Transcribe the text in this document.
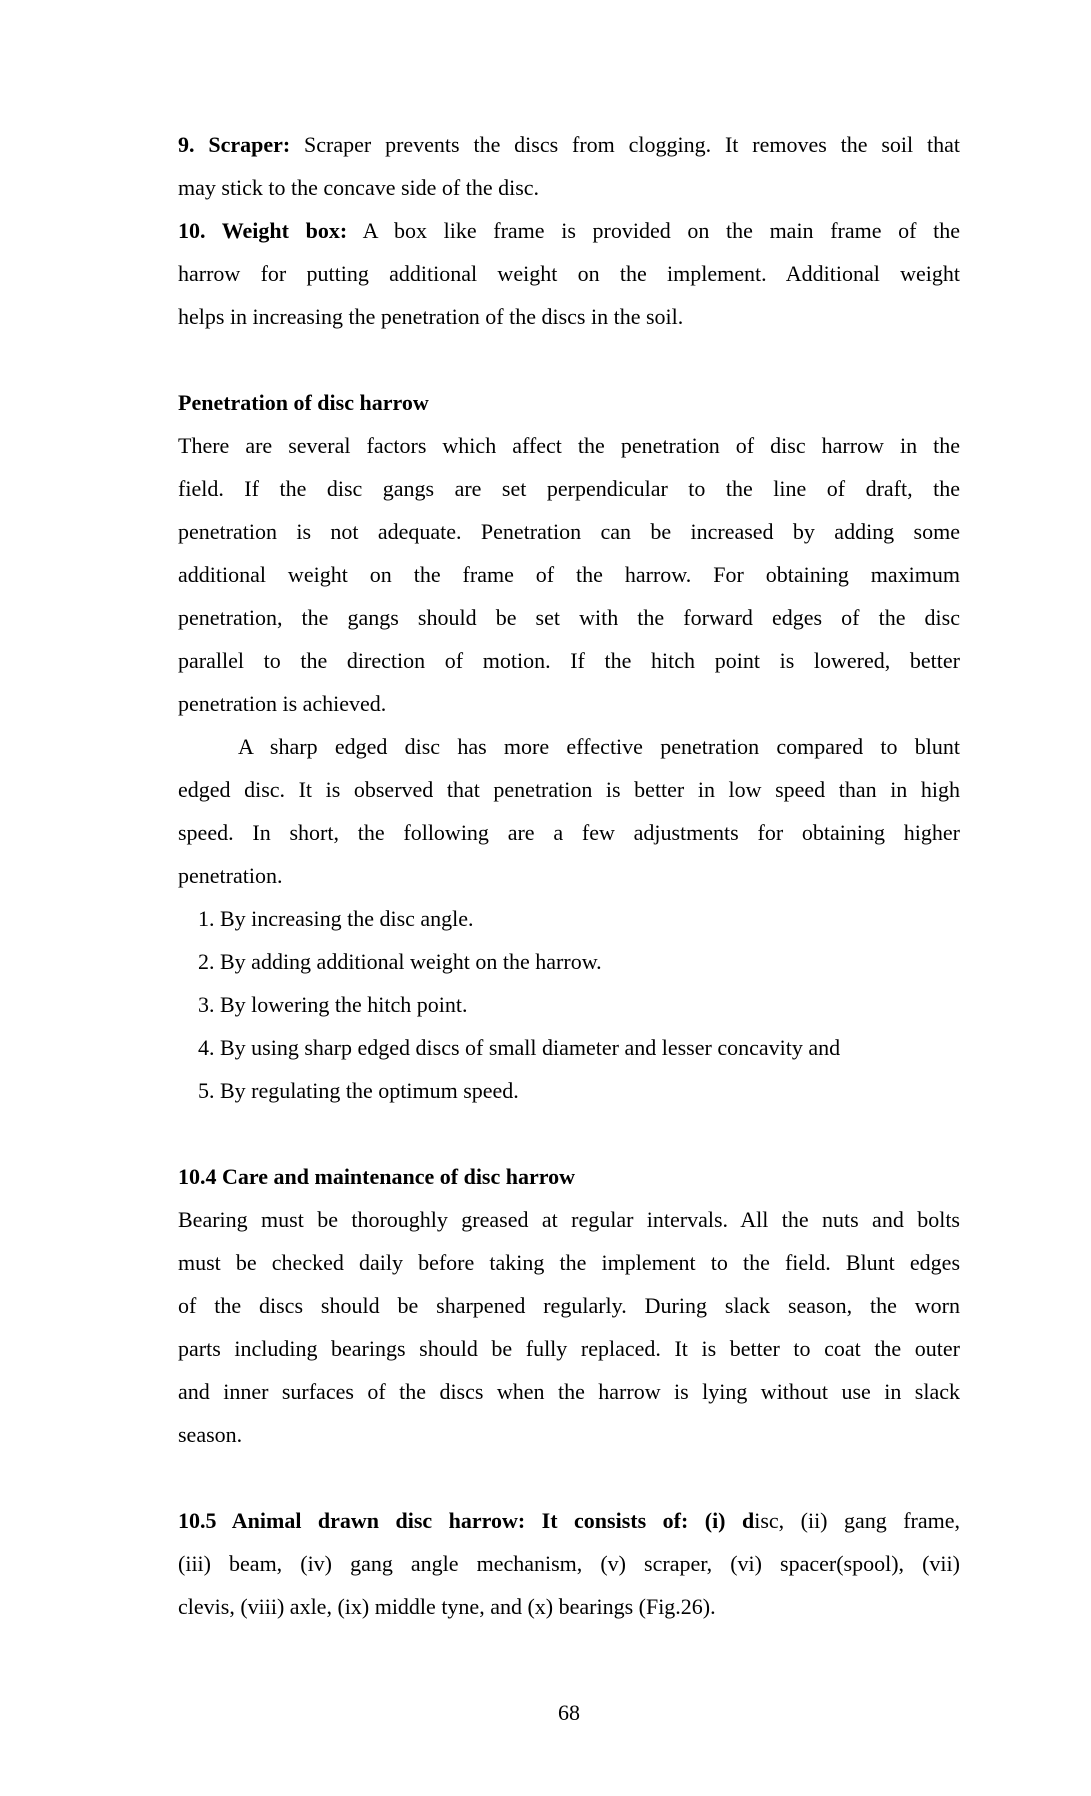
9. Scraper: Scraper prevents the discs from clogging. It removes the soil that
may stick to the concave side of the disc.
10. Weight box: A box like frame is provided on the main frame of the
harrow for putting additional weight on the implement. Additional weight
helps in increasing the penetration of the discs in the soil.
Penetration of disc harrow
There are several factors which affect the penetration of disc harrow in the
field. If the disc gangs are set perpendicular to the line of draft, the
penetration is not adequate. Penetration can be increased by adding some
additional weight on the frame of the harrow. For obtaining maximum
penetration, the gangs should be set with the forward edges of the disc
parallel to the direction of motion. If the hitch point is lowered, better
penetration is achieved.
A sharp edged disc has more effective penetration compared to blunt
edged disc. It is observed that penetration is better in low speed than in high
speed. In short, the following are a few adjustments for obtaining higher
penetration.
1. By increasing the disc angle.
2. By adding additional weight on the harrow.
3. By lowering the hitch point.
4. By using sharp edged discs of small diameter and lesser concavity and
5. By regulating the optimum speed.
10.4 Care and maintenance of disc harrow
Bearing must be thoroughly greased at regular intervals. All the nuts and bolts
must be checked daily before taking the implement to the field. Blunt edges
of the discs should be sharpened regularly. During slack season, the worn
parts including bearings should be fully replaced. It is better to coat the outer
and inner surfaces of the discs when the harrow is lying without use in slack
season.
10.5 Animal drawn disc harrow: It consists of: (i) disc, (ii) gang frame,
(iii) beam, (iv) gang angle mechanism, (v) scraper, (vi) spacer(spool), (vii)
clevis, (viii) axle, (ix) middle tyne, and (x) bearings (Fig.26).
68
